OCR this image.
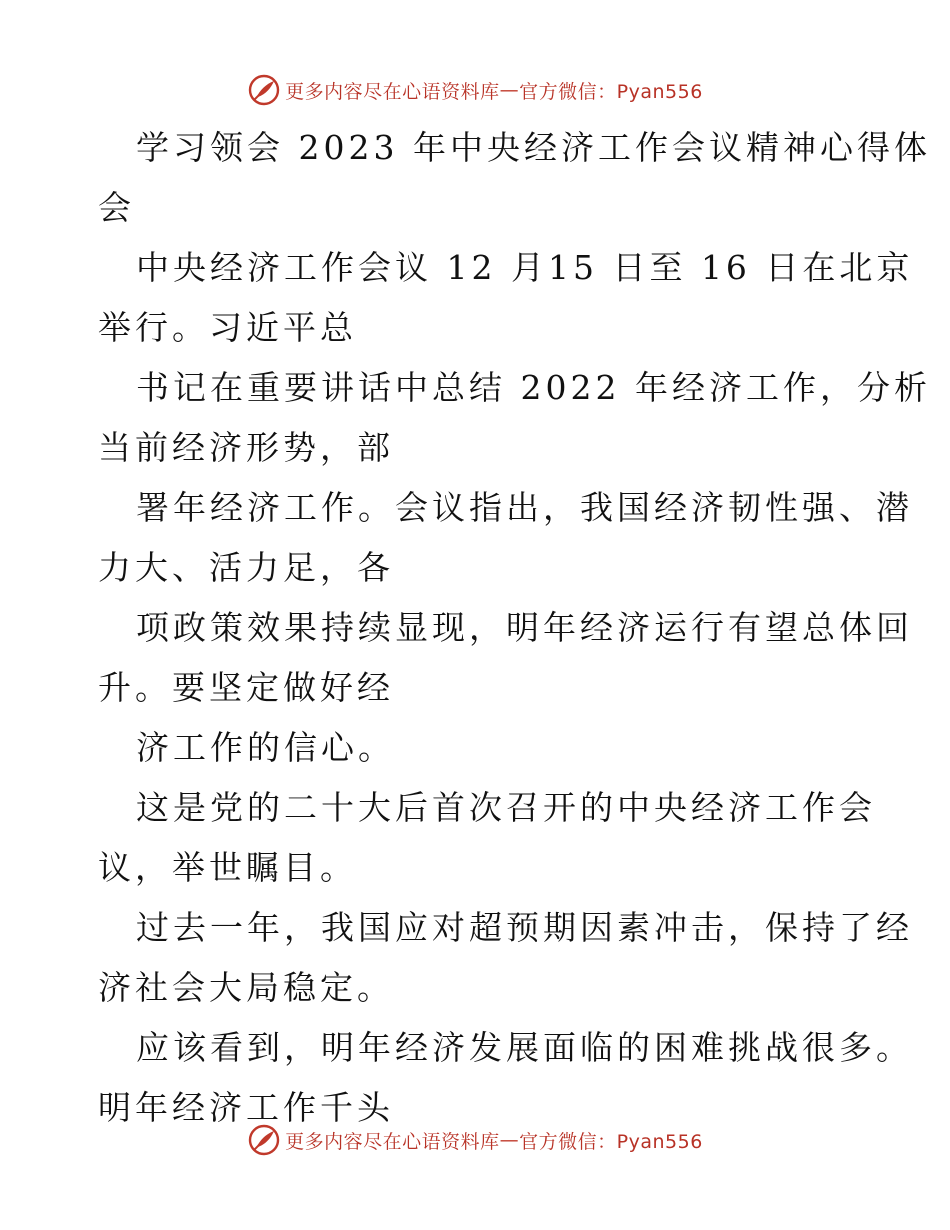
更多内容尽在心语资料库 — 官方微信：Pyan556

学习领会 2023 年中央经济工作会议精神心得体
会

中央经济工作会议 12 月15 日至 16 日在北京
举行。习近平总

书记在重要讲话中总结 2022 年经济工作，分析
当前经济形势，部

署年经济工作。会议指出，我国经济韧性强、潜
力大、活力足，各

项政策效果持续显现，明年经济运行有望总体回
升。要坚定做好经

济工作的信心。

这是党的二十大后首次召开的中央经济工作会
议，举世瞩目。

过去一年，我国应对超预期因素冲击，保持了经
济社会大局稳定。

应该看到，明年经济发展面临的困难挑战很多。
明年经济工作千头

更多内容尽在心语资料库 — 官方微信：Pyan556
